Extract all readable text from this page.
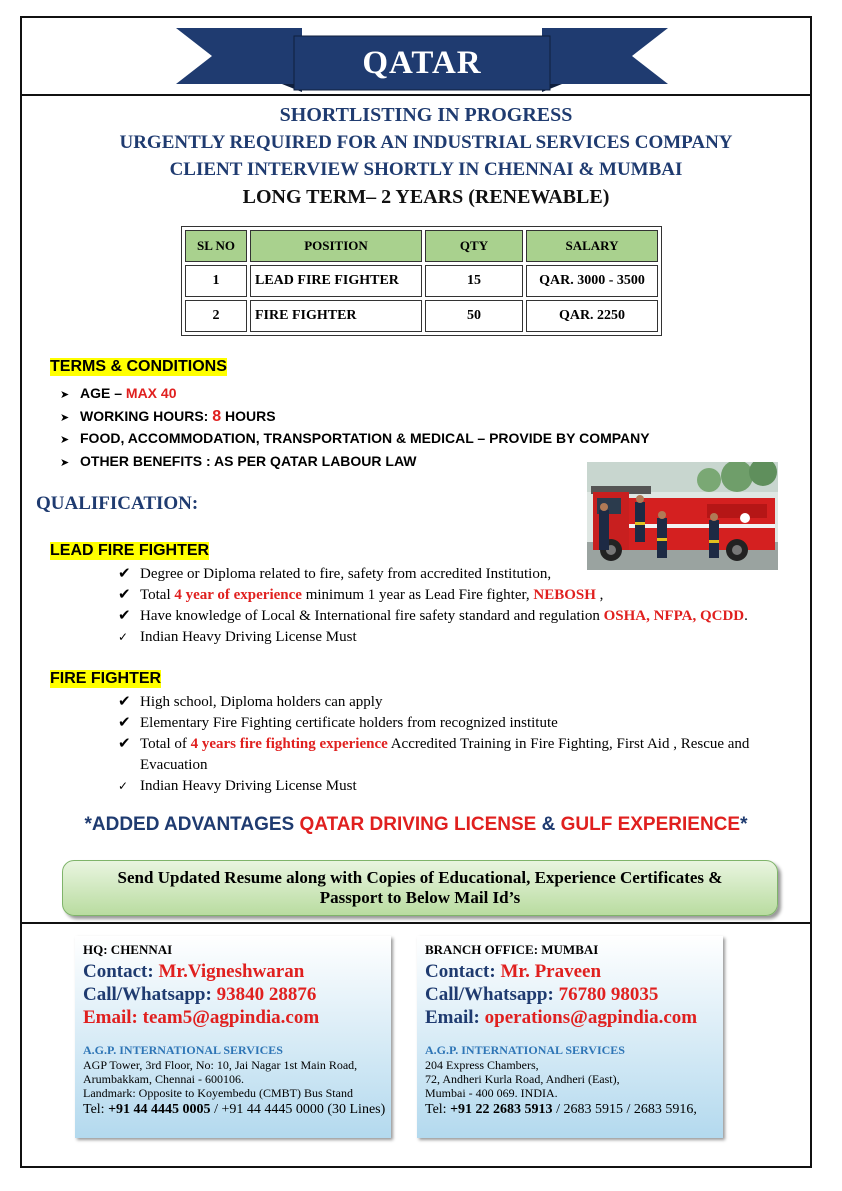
QATAR
SHORTLISTING IN PROGRESS
URGENTLY REQUIRED FOR AN INDUSTRIAL SERVICES COMPANY
CLIENT INTERVIEW SHORTLY IN CHENNAI & MUMBAI
LONG TERM– 2 YEARS (RENEWABLE)
SL NO	POSITION	QTY	SALARY
1	LEAD FIRE FIGHTER	15	QAR. 3000 - 3500
2	FIRE FIGHTER	50	QAR. 2250
TERMS & CONDITIONS
➤ AGE – MAX 40
➤ WORKING HOURS: 8 HOURS
➤ FOOD, ACCOMMODATION, TRANSPORTATION & MEDICAL – PROVIDE BY COMPANY
➤ OTHER BENEFITS : AS PER QATAR LABOUR LAW
QUALIFICATION:
LEAD FIRE FIGHTER
✔ Degree or Diploma related to fire, safety from accredited Institution,
✔ Total 4 year of experience minimum 1 year as Lead Fire fighter, NEBOSH ,
✔ Have knowledge of Local & International fire safety standard and regulation OSHA, NFPA, QCDD.
✓ Indian Heavy Driving License Must
FIRE FIGHTER
✔ High school, Diploma holders can apply
✔ Elementary Fire Fighting certificate holders from recognized institute
✔ Total of 4 years fire fighting experience Accredited Training in Fire Fighting, First Aid , Rescue and Evacuation
✓ Indian Heavy Driving License Must
*ADDED ADVANTAGES QATAR DRIVING LICENSE & GULF EXPERIENCE*
Send Updated Resume along with Copies of Educational, Experience Certificates &
Passport to Below Mail Id’s
HQ: CHENNAI
Contact: Mr.Vigneshwaran
Call/Whatsapp: 93840 28876
Email: team5@agpindia.com
A.G.P. INTERNATIONAL SERVICES
AGP Tower, 3rd Floor, No: 10, Jai Nagar 1st Main Road,
Arumbakkam, Chennai - 600106.
Landmark: Opposite to Koyembedu (CMBT) Bus Stand
Tel: +91 44 4445 0005 / +91 44 4445 0000 (30 Lines)
BRANCH OFFICE: MUMBAI
Contact: Mr. Praveen
Call/Whatsapp: 76780 98035
Email: operations@agpindia.com
A.G.P. INTERNATIONAL SERVICES
204 Express Chambers,
72, Andheri Kurla Road, Andheri (East),
Mumbai - 400 069. INDIA.
Tel: +91 22 2683 5913 / 2683 5915 / 2683 5916,
